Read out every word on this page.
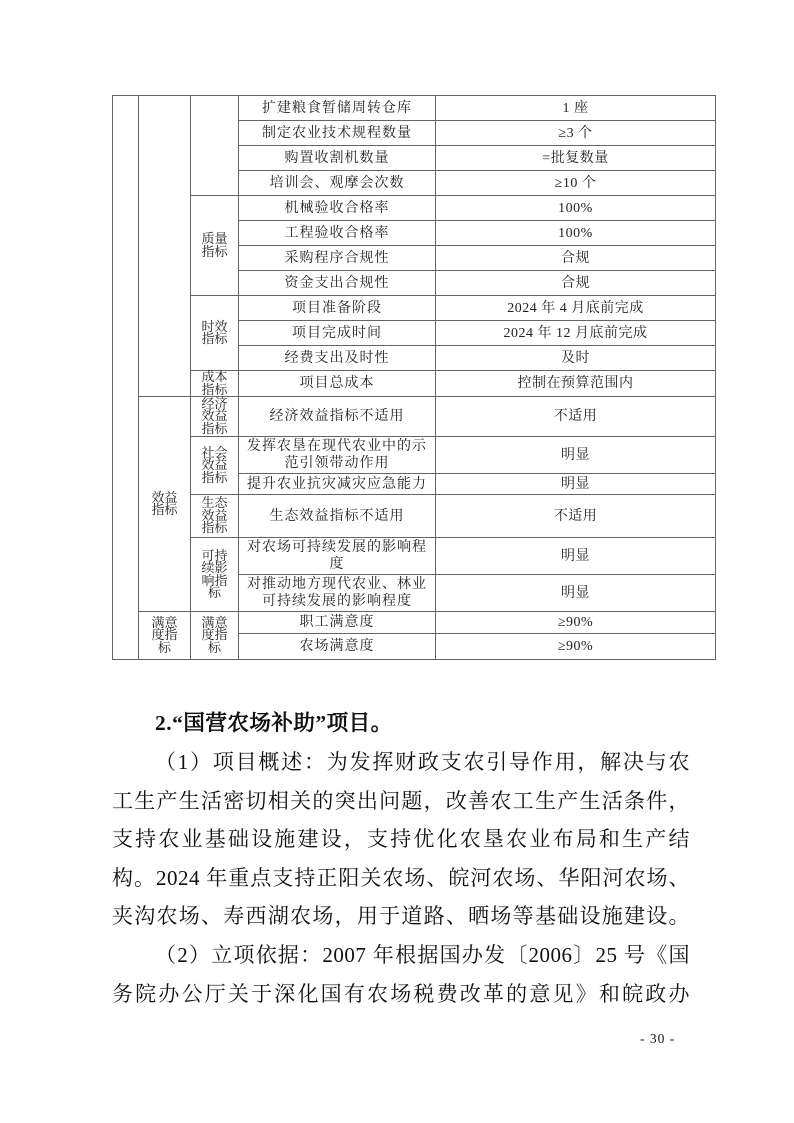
			扩建粮食暂储周转仓库	1 座
			制定农业技术规程数量	≥3 个
			购置收割机数量	=批复数量
			培训会、观摩会次数	≥10 个
		质量指标	机械验收合格率	100%
			工程验收合格率	100%
			采购程序合规性	合规
			资金支出合规性	合规
		时效指标	项目准备阶段	2024 年 4 月底前完成
			项目完成时间	2024 年 12 月底前完成
			经费支出及时性	及时
		成本指标	项目总成本	控制在预算范围内
	效益指标	经济效益指标	经济效益指标不适用	不适用
		社会效益指标	发挥农垦在现代农业中的示范引领带动作用	明显
			提升农业抗灾减灾应急能力	明显
		生态效益指标	生态效益指标不适用	不适用
		可持续影响指标	对农场可持续发展的影响程度	明显
			对推动地方现代农业、林业可持续发展的影响程度	明显
	满意度指标	满意度指标	职工满意度	≥90%
			农场满意度	≥90%
2.“国营农场补助”项目。
（1）项目概述：为发挥财政支农引导作用，解决与农
工生产生活密切相关的突出问题，改善农工生产生活条件，
支持农业基础设施建设，支持优化农垦农业布局和生产结
构。2024 年重点支持正阳关农场、皖河农场、华阳河农场、
夹沟农场、寿西湖农场，用于道路、晒场等基础设施建设。
（2）立项依据：2007 年根据国办发〔2006〕25 号《国
务院办公厅关于深化国有农场税费改革的意见》和皖政办
- 30 -
